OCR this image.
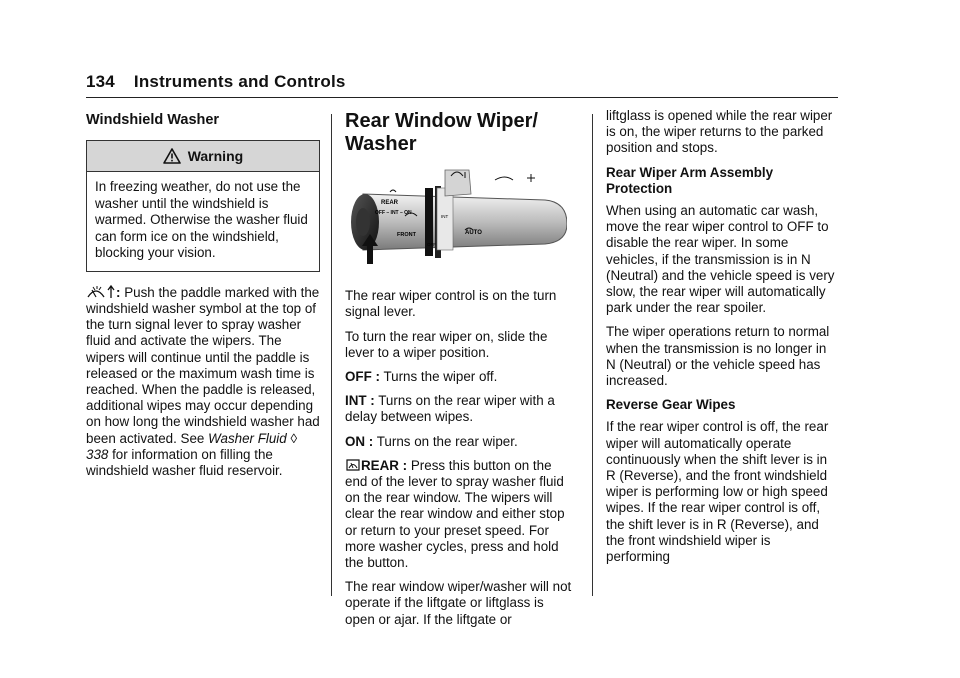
134 Instruments and Controls
Windshield Washer
Warning
In freezing weather, do not use the washer until the windshield is warmed. Otherwise the washer fluid can form ice on the windshield, blocking your vision.

: Push the paddle marked with the windshield washer symbol at the top of the turn signal lever to spray washer fluid and activate the wipers. The wipers will continue until the paddle is released or the maximum wash time is reached. When the paddle is released, additional wipes may occur depending on how long the windshield washer had been activated. See Washer Fluid ◊ 338 for information on filling the windshield washer fluid reservoir.

Rear Window Wiper/ Washer
REAR
OFF – INT – ON
FRONT	AUTO
INT
OFF

The rear wiper control is on the turn signal lever.

To turn the rear wiper on, slide the lever to a wiper position.

OFF : Turns the wiper off.

INT : Turns on the rear wiper with a delay between wipes.

ON : Turns on the rear wiper.

REAR : Press this button on the end of the lever to spray washer fluid on the rear window. The wipers will clear the rear window and either stop or return to your preset speed. For more washer cycles, press and hold the button.

The rear window wiper/washer will not operate if the liftgate or liftglass is open or ajar. If the liftgate or

liftglass is opened while the rear wiper is on, the wiper returns to the parked position and stops.

Rear Wiper Arm Assembly Protection

When using an automatic car wash, move the rear wiper control to OFF to disable the rear wiper. In some vehicles, if the transmission is in N (Neutral) and the vehicle speed is very slow, the rear wiper will automatically park under the rear spoiler.

The wiper operations return to normal when the transmission is no longer in N (Neutral) or the vehicle speed has increased.

Reverse Gear Wipes

If the rear wiper control is off, the rear wiper will automatically operate continuously when the shift lever is in R (Reverse), and the front windshield wiper is performing low or high speed wipes. If the rear wiper control is off, the shift lever is in R (Reverse), and the front windshield wiper is performing
